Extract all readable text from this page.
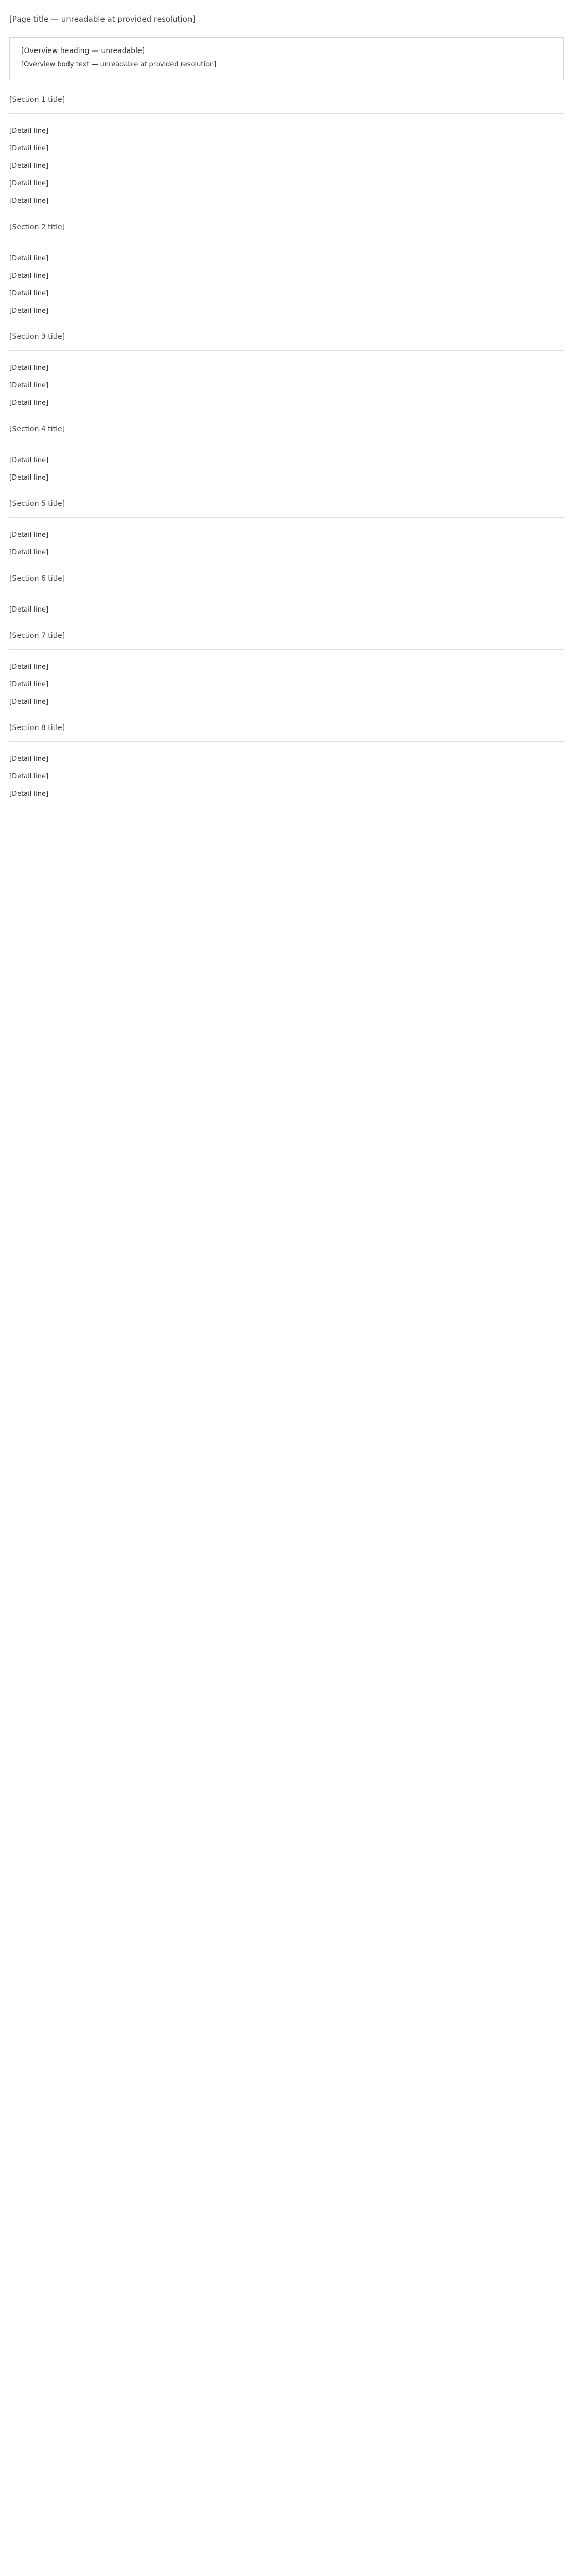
[Page title — unreadable at provided resolution]
[Overview heading — unreadable]
[Overview body text — unreadable at provided resolution]
[Section 1 title]
[Detail line]
[Detail line]
[Detail line]
[Detail line]
[Detail line]
[Section 2 title]
[Detail line]
[Detail line]
[Detail line]
[Detail line]
[Section 3 title]
[Detail line]
[Detail line]
[Detail line]
[Section 4 title]
[Detail line]
[Detail line]
[Section 5 title]
[Detail line]
[Detail line]
[Section 6 title]
[Detail line]
[Section 7 title]
[Detail line]
[Detail line]
[Detail line]
[Section 8 title]
[Detail line]
[Detail line]
[Detail line]
